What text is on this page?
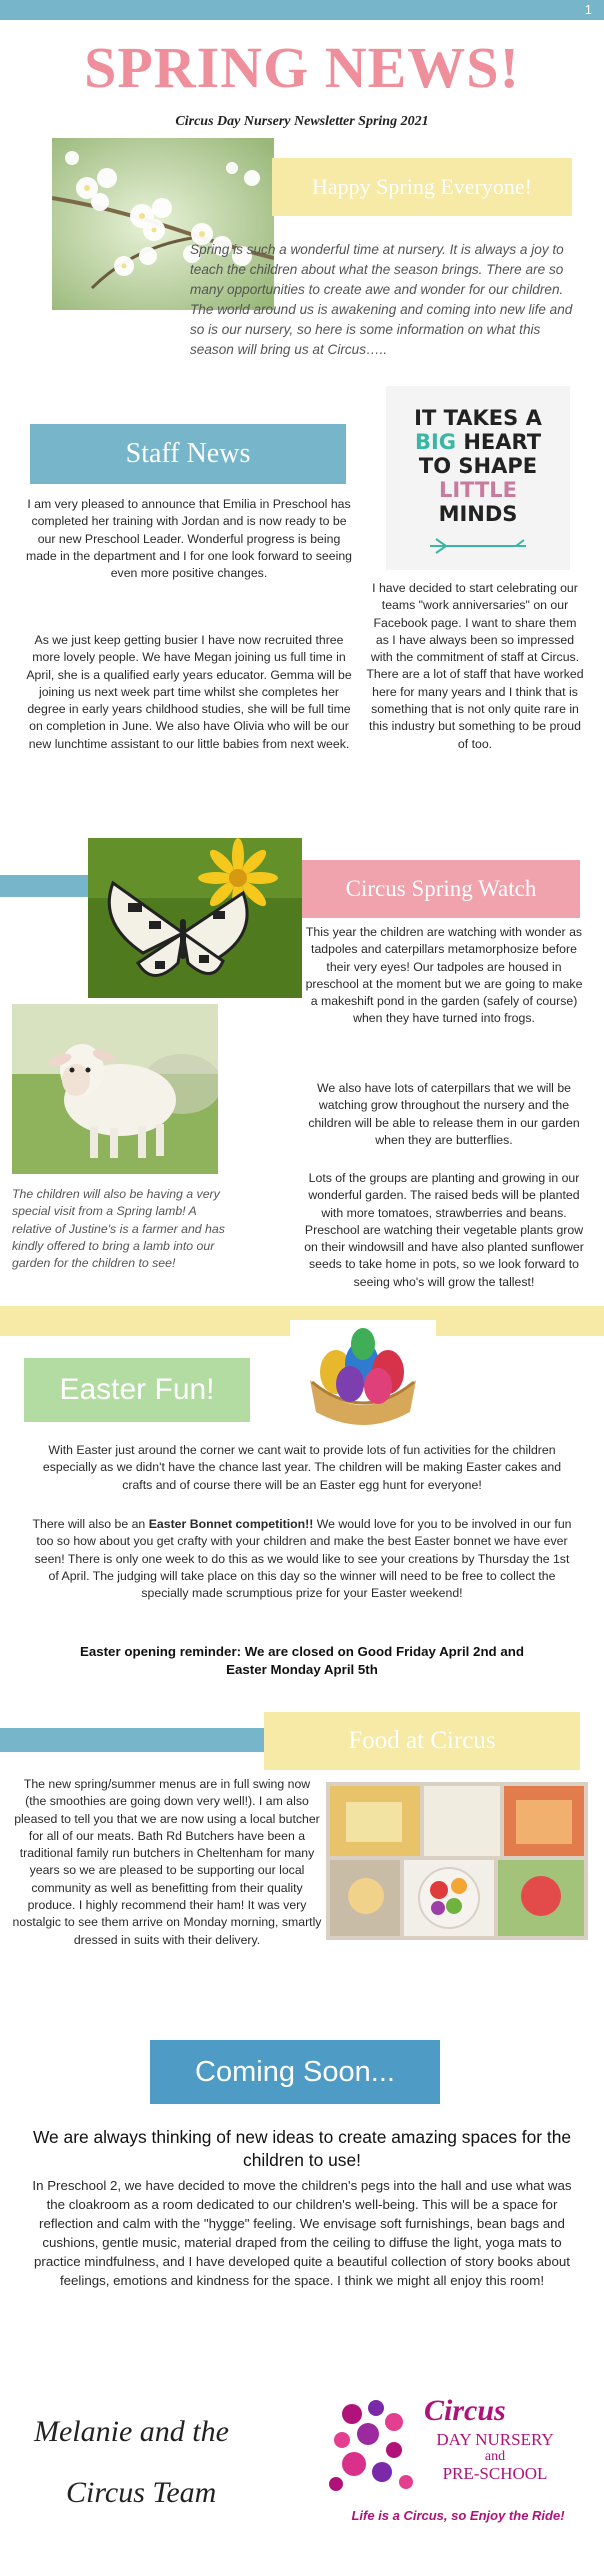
1
SPRING NEWS!
Circus Day Nursery Newsletter Spring 2021
Happy Spring Everyone!
Spring is such a wonderful time at nursery. It is always a joy to teach the children about what the season brings. There are so many opportunities to create awe and wonder for our children. The world around us is awakening and coming into new life and so is our nursery, so here is some information on what this season will bring us at Circus…..
Staff News
IT TAKES A
BIG HEART
TO SHAPE
LITTLE
MINDS
I am very pleased to announce that Emilia in Preschool has completed her training with Jordan and is now ready to be our new Preschool Leader. Wonderful progress is being made in the department and I for one look forward to seeing even more positive changes.
As we just keep getting busier I have now recruited three more lovely people. We have Megan joining us full time in April, she is a qualified early years educator. Gemma will be joining us next week part time whilst she completes her degree in early years childhood studies, she will be full time on completion in June. We also have Olivia who will be our new lunchtime assistant to our little babies from next week.
I have decided to start celebrating our teams "work anniversaries" on our Facebook page. I want to share them as I have always been so impressed with the commitment of staff at Circus. There are a lot of staff that have worked here for many years and I think that is something that is not only quite rare in this industry but something to be proud of too.
Circus Spring Watch
This year the children are watching with wonder as tadpoles and caterpillars metamorphosize before their very eyes! Our tadpoles are housed in preschool at the moment but we are going to make a makeshift pond in the garden (safely of course) when they have turned into frogs.
We also have lots of caterpillars that we will be watching grow throughout the nursery and the children will be able to release them in our garden when they are butterflies.
Lots of the groups are planting and growing in our wonderful garden. The raised beds will be planted with more tomatoes, strawberries and beans. Preschool are watching their vegetable plants grow on their windowsill and have also planted sunflower seeds to take home in pots, so we look forward to seeing who's will grow the tallest!
The children will also be having a very special visit from a Spring lamb! A relative of Justine's is a farmer and has kindly offered to bring a lamb into our garden for the children to see!
Easter Fun!
With Easter just around the corner we cant wait to provide lots of fun activities for the children especially as we didn't have the chance last year. The children will be making Easter cakes and crafts and of course there will be an Easter egg hunt for everyone!
There will also be an Easter Bonnet competition!! We would love for you to be involved in our fun too so how about you get crafty with your children and make the best Easter bonnet we have ever seen! There is only one week to do this as we would like to see your creations by Thursday the 1st of April. The judging will take place on this day so the winner will need to be free to collect the specially made scrumptious prize for your Easter weekend!
Easter opening reminder: We are closed on Good Friday April 2nd and Easter Monday April 5th
Food at Circus
The new spring/summer menus are in full swing now (the smoothies are going down very well!). I am also pleased to tell you that we are now using a local butcher for all of our meats. Bath Rd Butchers have been a traditional family run butchers in Cheltenham for many years so we are pleased to be supporting our local community as well as benefitting from their quality produce. I highly recommend their ham! It was very nostalgic to see them arrive on Monday morning, smartly dressed in suits with their delivery.
Coming Soon...
We are always thinking of new ideas to create amazing spaces for the children to use!
In Preschool 2, we have decided to move the children's pegs into the hall and use what was the cloakroom as a room dedicated to our children's well-being. This will be a space for reflection and calm with the "hygge" feeling. We envisage soft furnishings, bean bags and cushions, gentle music, material draped from the ceiling to diffuse the light, yoga mats to practice mindfulness, and I have developed quite a beautiful collection of story books about feelings, emotions and kindness for the space. I think we might all enjoy this room!
Melanie and the
Circus Team
Circus
DAY NURSERY
and
PRE-SCHOOL
Life is a Circus, so Enjoy the Ride!
